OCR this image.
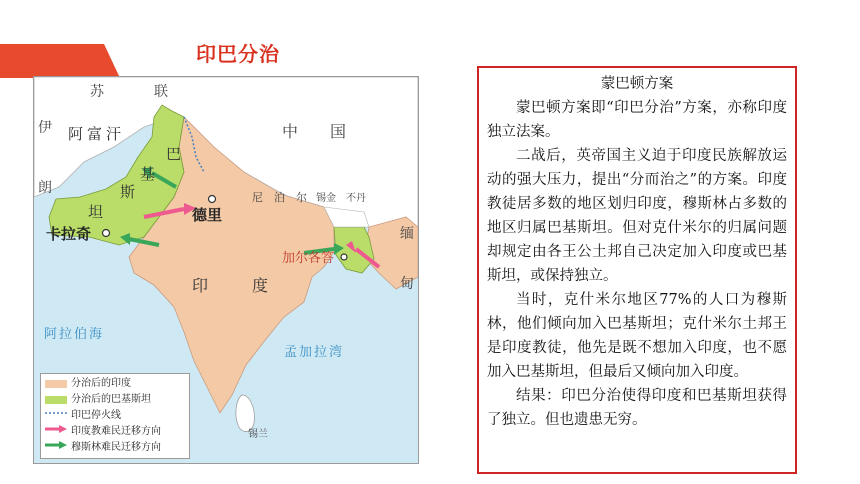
印巴分治
苏	联
伊
朗
阿富汗	中　　国
巴
基
斯
坦
卡拉奇
德里
尼　泊　尔 锡金　不丹
加尔各答
印　　度
缅
甸
阿拉伯海
孟加拉湾
锡兰
分治后的印度
分治后的巴基斯坦
印巴停火线
印度教难民迁移方向
穆斯林难民迁移方向
蒙巴顿方案

蒙巴顿方案即“印巴分治”方案，亦称印度独立法案。

二战后，英帝国主义迫于印度民族解放运动的强大压力，提出“分而治之”的方案。印度教徒居多数的地区划归印度，穆斯林占多数的地区归属巴基斯坦。但对克什米尔的归属问题却规定由各王公土邦自己决定加入印度或巴基斯坦，或保持独立。

当时，克什米尔地区77%的人口为穆斯林，他们倾向加入巴基斯坦；克什米尔土邦王是印度教徒，他先是既不想加入印度，也不愿加入巴基斯坦，但最后又倾向加入印度。

结果：印巴分治使得印度和巴基斯坦获得了独立。但也遗患无穷。
